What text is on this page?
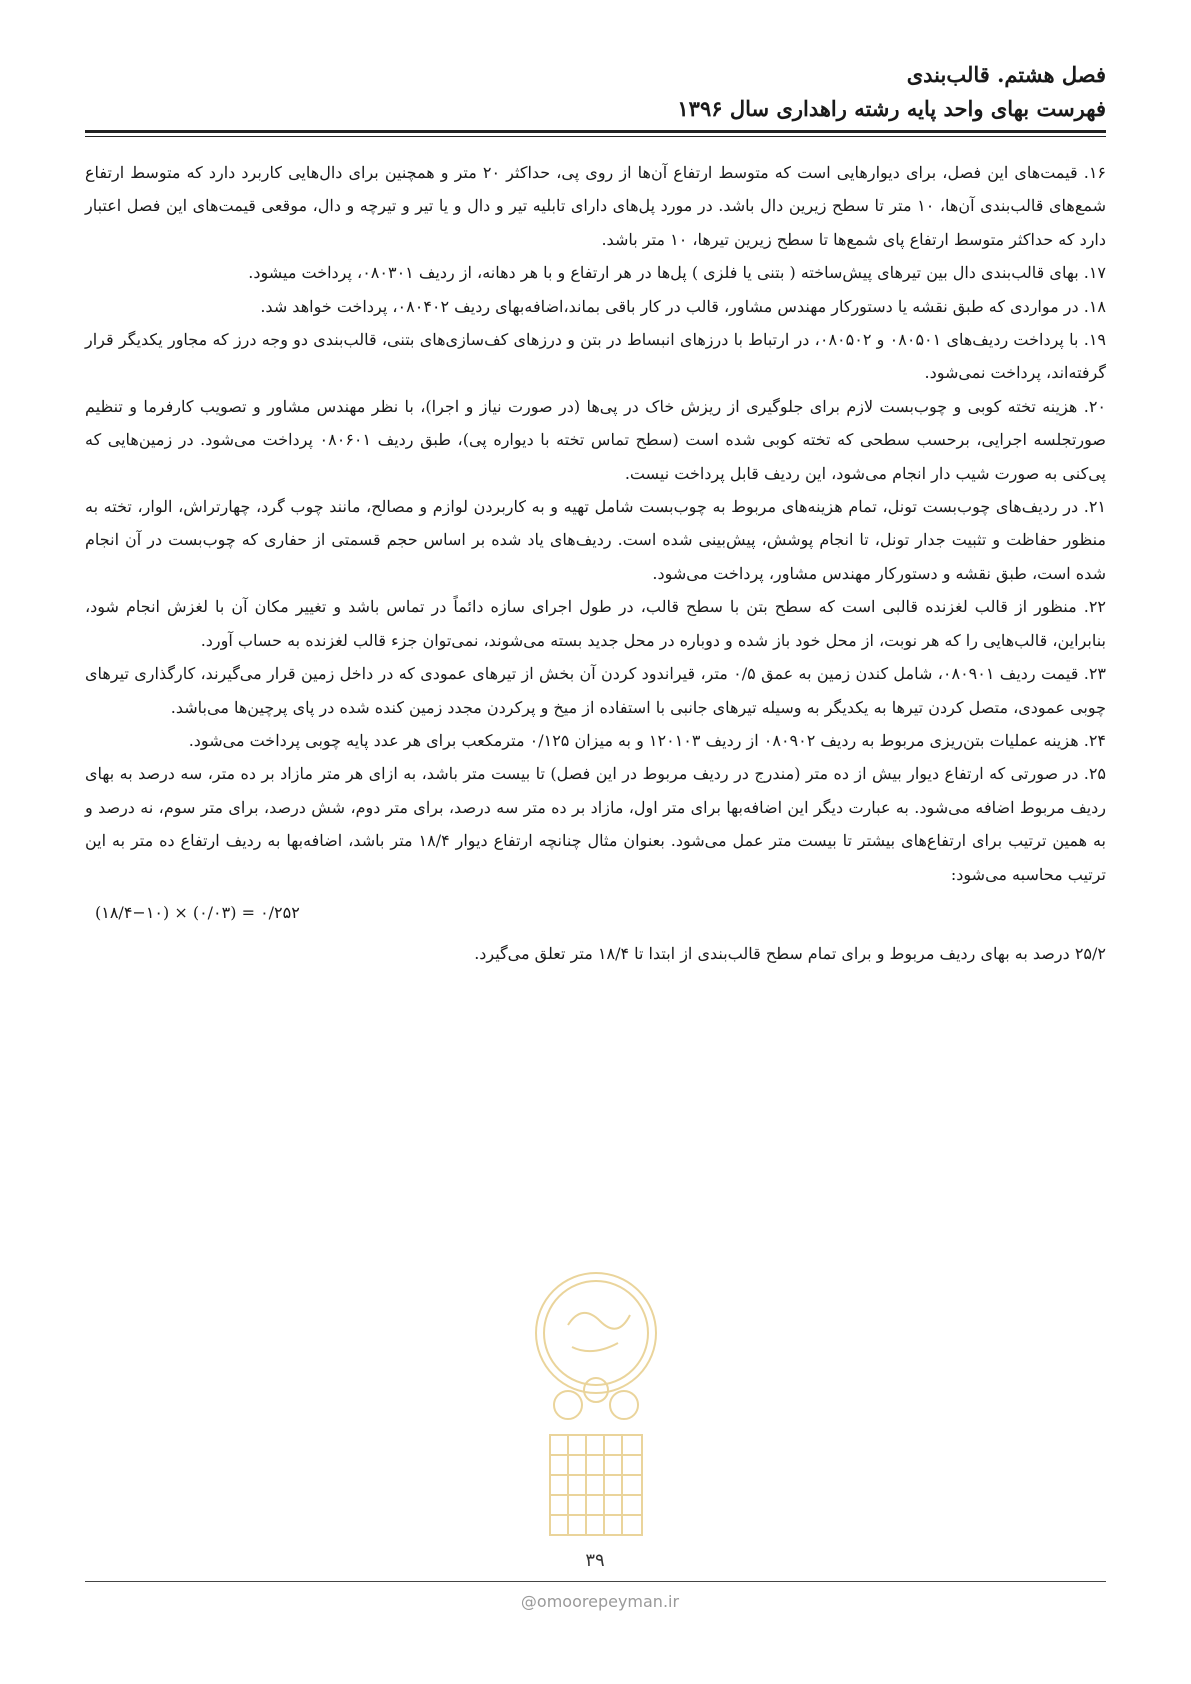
فصل هشتم. قالب‌بندی
فهرست بهای واحد پایه رشته راهداری سال ۱۳۹۶

۱۶. قیمت‌های این فصل، برای دیوارهایی است که متوسط ارتفاع آن‌ها از روی پی، حداکثر ۲۰ متر و همچنین برای دال‌هایی کاربرد دارد که متوسط ارتفاع شمع‌های قالب‌بندی آن‌ها، ۱۰ متر تا سطح زیرین دال باشد. در مورد پل‌های دارای تابلیه تیر و دال و یا تیر و تیرچه و دال، موقعی قیمت‌های این فصل اعتبار دارد که حداکثر متوسط ارتفاع پای شمع‌ها تا سطح زیرین تیرها، ۱۰ متر باشد.

۱۷. بهای قالب‌بندی دال بین تیرهای پیش‌ساخته ( بتنی یا فلزی ) پل‌ها در هر ارتفاع و با هر دهانه، از ردیف ۰۸۰۳۰۱، پرداخت میشود.

۱۸. در مواردی که طبق نقشه یا دستورکار مهندس مشاور، قالب در کار باقی بماند،اضافه‌بهای ردیف ۰۸۰۴۰۲، پرداخت خواهد شد.

۱۹. با پرداخت ردیف‌های ۰۸۰۵۰۱ و ۰۸۰۵۰۲، در ارتباط با درزهای انبساط در بتن و درزهای کف‌سازی‌های بتنی، قالب‌بندی دو وجه درز که مجاور یکدیگر قرار گرفته‌اند، پرداخت نمی‌شود.

۲۰. هزینه تخته کوبی و چوب‌بست لازم برای جلوگیری از ریزش خاک در پی‌ها (در صورت نیاز و اجرا)، با نظر مهندس مشاور و تصویب کارفرما و تنظیم صورتجلسه اجرایی، برحسب سطحی که تخته کوبی شده است (سطح تماس تخته با دیواره پی)، طبق ردیف ۰۸۰۶۰۱ پرداخت می‌شود. در زمین‌هایی که پی‌کنی به صورت شیب دار انجام می‌شود، این ردیف قابل پرداخت نیست.

۲۱. در ردیف‌های چوب‌بست تونل، تمام هزینه‌های مربوط به چوب‌بست شامل تهیه و به کاربردن لوازم و مصالح، مانند چوب گرد، چهارتراش، الوار، تخته به منظور حفاظت و تثبیت جدار تونل، تا انجام پوشش، پیش‌بینی شده است. ردیف‌های یاد شده بر اساس حجم قسمتی از حفاری که چوب‌بست در آن انجام شده است، طبق نقشه و دستورکار مهندس مشاور، پرداخت می‌شود.

۲۲. منظور از قالب لغزنده قالبی است که سطح بتن با سطح قالب، در طول اجرای سازه دائماً در تماس باشد و تغییر مکان آن با لغزش انجام شود، بنابراین، قالب‌هایی را که هر نوبت، از محل خود باز شده و دوباره در محل جدید بسته می‌شوند، نمی‌توان جزء قالب لغزنده به حساب آورد.

۲۳. قیمت ردیف ۰۸۰۹۰۱، شامل کندن زمین به عمق ۰/۵ متر، قیراندود کردن آن بخش از تیرهای عمودی که در داخل زمین قرار می‌گیرند، کارگذاری تیرهای چوبی عمودی، متصل کردن تیرها به یکدیگر به وسیله تیرهای جانبی با استفاده از میخ و پرکردن مجدد زمین کنده شده در پای پرچین‌ها می‌باشد.

۲۴. هزینه عملیات بتن‌ریزی مربوط به ردیف ۰۸۰۹۰۲ از ردیف ۱۲۰۱۰۳ و به میزان ۰/۱۲۵ مترمکعب برای هر عدد پایه چوبی پرداخت می‌شود.

۲۵. در صورتی که ارتفاع دیوار بیش از ده متر (مندرج در ردیف مربوط در این فصل) تا بیست متر باشد، به ازای هر متر مازاد بر ده متر، سه درصد به بهای ردیف مربوط اضافه می‌شود. به عبارت دیگر این اضافه‌بها برای متر اول، مازاد بر ده متر سه درصد، برای متر دوم، شش درصد، برای متر سوم، نه درصد و به همین ترتیب برای ارتفاع‌های بیشتر تا بیست متر عمل می‌شود. بعنوان مثال چنانچه ارتفاع دیوار ۱۸/۴ متر باشد، اضافه‌بها به ردیف ارتفاع ده متر به این ترتیب محاسبه می‌شود:

(۱۸/۴−۱۰) × (۰/۰۳) = ۰/۲۵۲

۲۵/۲ درصد به بهای ردیف مربوط و برای تمام سطح قالب‌بندی از ابتدا تا ۱۸/۴ متر تعلق می‌گیرد.

۳۹
@omoorepeyman.ir
